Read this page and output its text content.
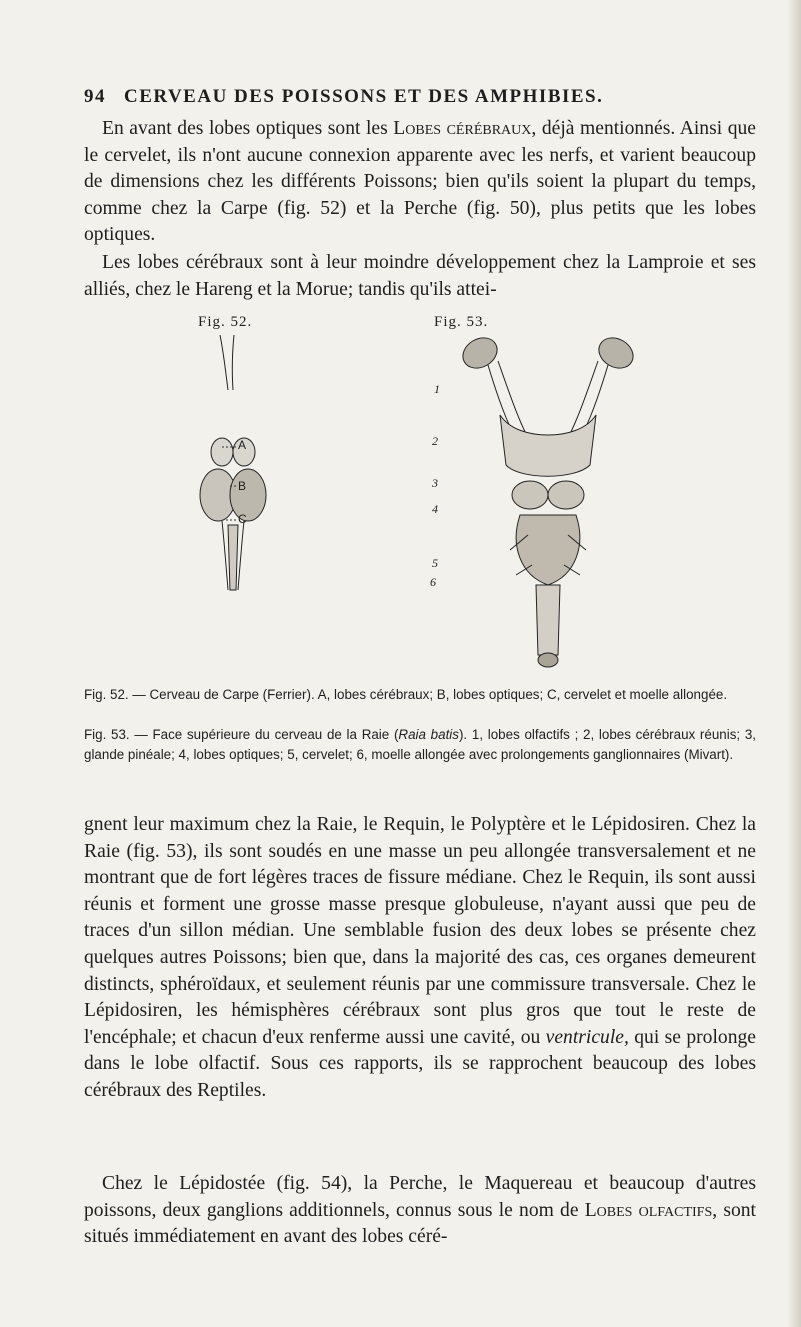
94 CERVEAU DES POISSONS ET DES AMPHIBIES.

En avant des lobes optiques sont les Lobes cérébraux, déjà mentionnés. Ainsi que le cervelet, ils n'ont aucune connexion apparente avec les nerfs, et varient beaucoup de dimensions chez les différents Poissons; bien qu'ils soient la plupart du temps, comme chez la Carpe (fig. 52) et la Perche (fig. 50), plus petits que les lobes optiques.

Les lobes cérébraux sont à leur moindre développement chez la Lamproie et ses alliés, chez le Hareng et la Morue; tandis qu'ils attei-

Fig. 52.	Fig. 53.
A
B
C
1
2
3
4
5
6

Fig. 52. — Cerveau de Carpe (Ferrier). A, lobes cérébraux; B, lobes optiques; C, cervelet et moelle allongée.

Fig. 53. — Face supérieure du cerveau de la Raie (Raia batis). 1, lobes olfactifs ; 2, lobes cérébraux réunis; 3, glande pinéale; 4, lobes optiques; 5, cervelet; 6, moelle allongée avec prolongements ganglionnaires (Mivart).

gnent leur maximum chez la Raie, le Requin, le Polyptère et le Lépidosiren. Chez la Raie (fig. 53), ils sont soudés en une masse un peu allongée transversalement et ne montrant que de fort légères traces de fissure médiane. Chez le Requin, ils sont aussi réunis et forment une grosse masse presque globuleuse, n'ayant aussi que peu de traces d'un sillon médian. Une semblable fusion des deux lobes se présente chez quelques autres Poissons; bien que, dans la majorité des cas, ces organes demeurent distincts, sphéroïdaux, et seulement réunis par une commissure transversale. Chez le Lépidosiren, les hémisphères cérébraux sont plus gros que tout le reste de l'encéphale; et chacun d'eux renferme aussi une cavité, ou ventricule, qui se prolonge dans le lobe olfactif. Sous ces rapports, ils se rapprochent beaucoup des lobes cérébraux des Reptiles.

Chez le Lépidostée (fig. 54), la Perche, le Maquereau et beaucoup d'autres poissons, deux ganglions additionnels, connus sous le nom de Lobes olfactifs, sont situés immédiatement en avant des lobes céré-
